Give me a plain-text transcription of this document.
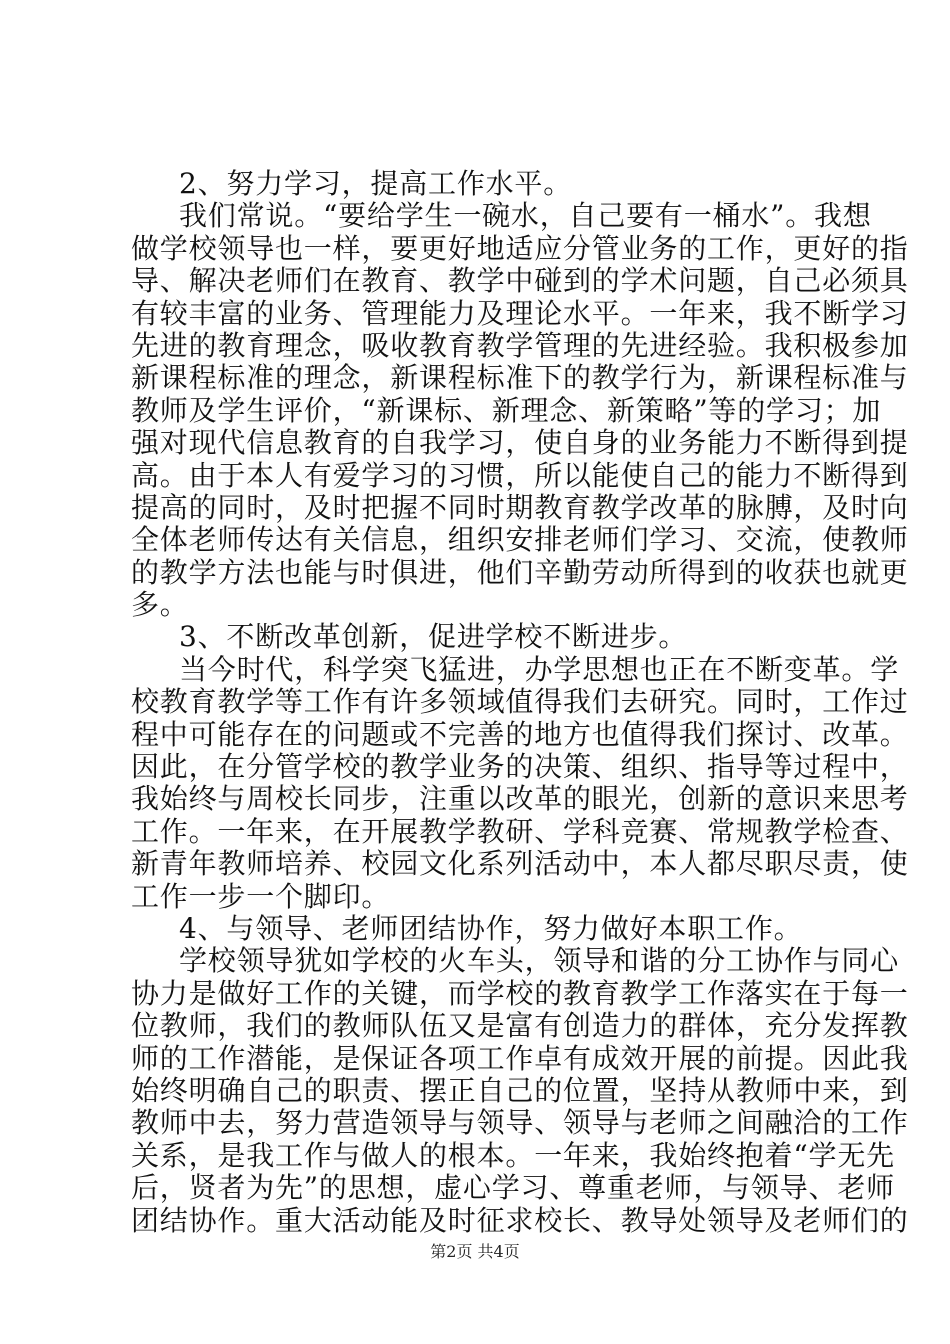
2、努力学习，提高工作水平。
我们常说。“要给学生一碗水，自己要有一桶水”。我想
做学校领导也一样，要更好地适应分管业务的工作，更好的指
导、解决老师们在教育、教学中碰到的学术问题，自己必须具
有较丰富的业务、管理能力及理论水平。一年来，我不断学习
先进的教育理念，吸收教育教学管理的先进经验。我积极参加
新课程标准的理念，新课程标准下的教学行为，新课程标准与
教师及学生评价，“新课标、新理念、新策略”等的学习；加
强对现代信息教育的自我学习，使自身的业务能力不断得到提
高。由于本人有爱学习的习惯，所以能使自己的能力不断得到
提高的同时，及时把握不同时期教育教学改革的脉膊，及时向
全体老师传达有关信息，组织安排老师们学习、交流，使教师
的教学方法也能与时俱进，他们辛勤劳动所得到的收获也就更
多。
3、不断改革创新，促进学校不断进步。
当今时代，科学突飞猛进，办学思想也正在不断变革。学
校教育教学等工作有许多领域值得我们去研究。同时，工作过
程中可能存在的问题或不完善的地方也值得我们探讨、改革。
因此，在分管学校的教学业务的决策、组织、指导等过程中，
我始终与周校长同步，注重以改革的眼光，创新的意识来思考
工作。一年来，在开展教学教研、学科竞赛、常规教学检查、
新青年教师培养、校园文化系列活动中，本人都尽职尽责，使
工作一步一个脚印。
4、与领导、老师团结协作，努力做好本职工作。
学校领导犹如学校的火车头，领导和谐的分工协作与同心
协力是做好工作的关键，而学校的教育教学工作落实在于每一
位教师，我们的教师队伍又是富有创造力的群体，充分发挥教
师的工作潜能，是保证各项工作卓有成效开展的前提。因此我
始终明确自己的职责、摆正自己的位置，坚持从教师中来，到
教师中去，努力营造领导与领导、领导与老师之间融洽的工作
关系，是我工作与做人的根本。一年来，我始终抱着“学无先
后，贤者为先”的思想，虚心学习、尊重老师，与领导、老师
团结协作。重大活动能及时征求校长、教导处领导及老师们的
第2页 共4页
